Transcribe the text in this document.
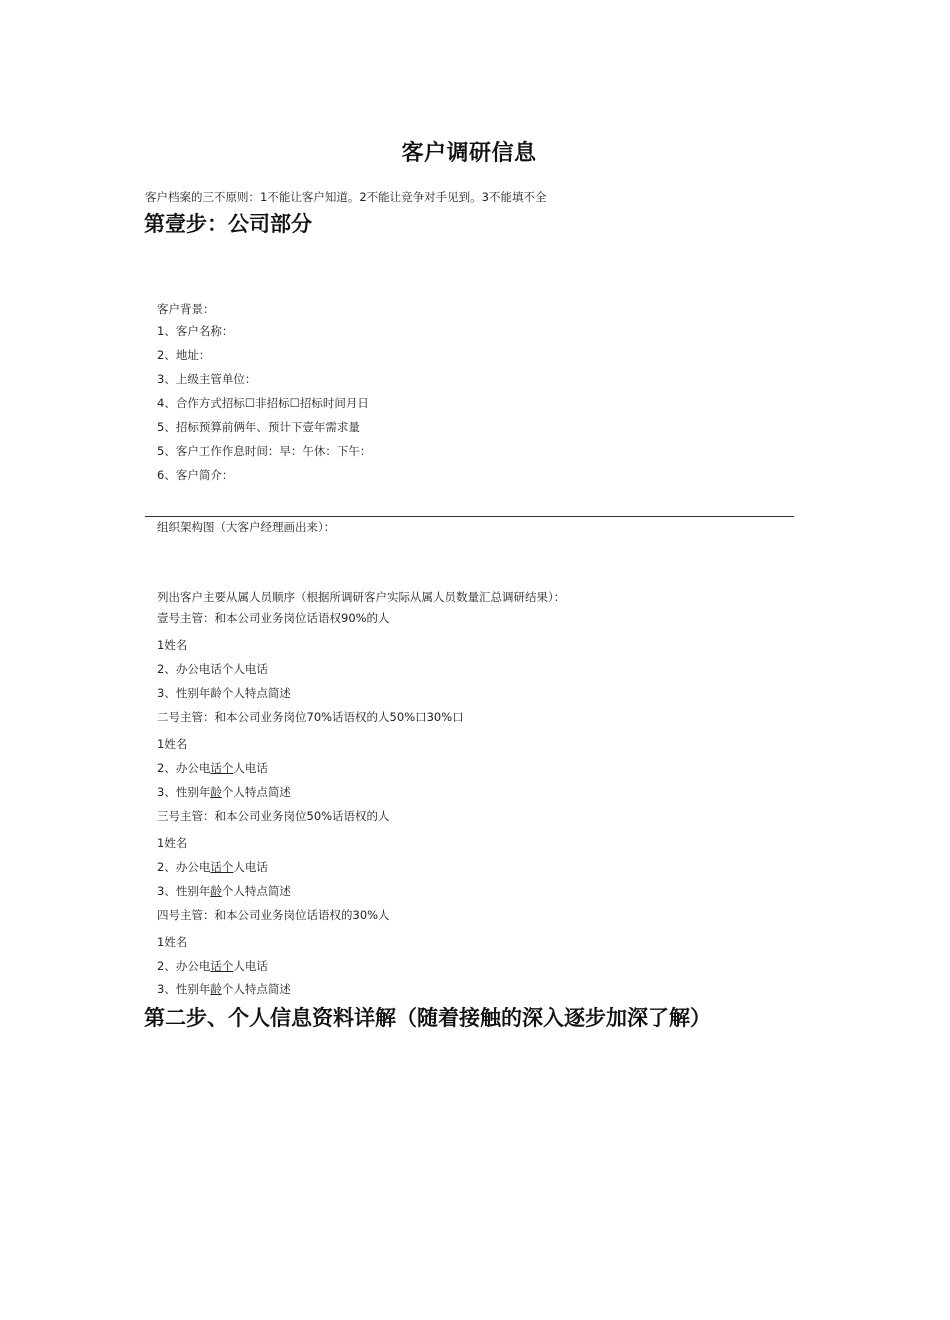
客户调研信息
客户档案的三不原则：1不能让客户知道。2不能让竞争对手见到。3不能填不全
第壹步：公司部分
客户背景：
1、客户名称：
2、地址：
3、上级主管单位：
4、合作方式招标☐非招标☐招标时间月日
5、招标预算前俩年、预计下壹年需求量
5、客户工作作息时间：早：午休：下午：
6、客户简介：
组织架构图（大客户经理画出来）：
列出客户主要从属人员顺序（根据所调研客户实际从属人员数量汇总调研结果）：
壹号主管：和本公司业务岗位话语权90%的人
1姓名
2、办公电话个人电话
3、性别年龄个人特点简述
二号主管：和本公司业务岗位70%话语权的人50%口30%口
1姓名
2、办公电话个人电话
3、性别年龄个人特点简述
三号主管：和本公司业务岗位50%话语权的人
1姓名
2、办公电话个人电话
3、性别年龄个人特点简述
四号主管：和本公司业务岗位话语权的30%人
1姓名
2、办公电话个人电话
3、性别年龄个人特点简述
第二步、个人信息资料详解（随着接触的深入逐步加深了解）
